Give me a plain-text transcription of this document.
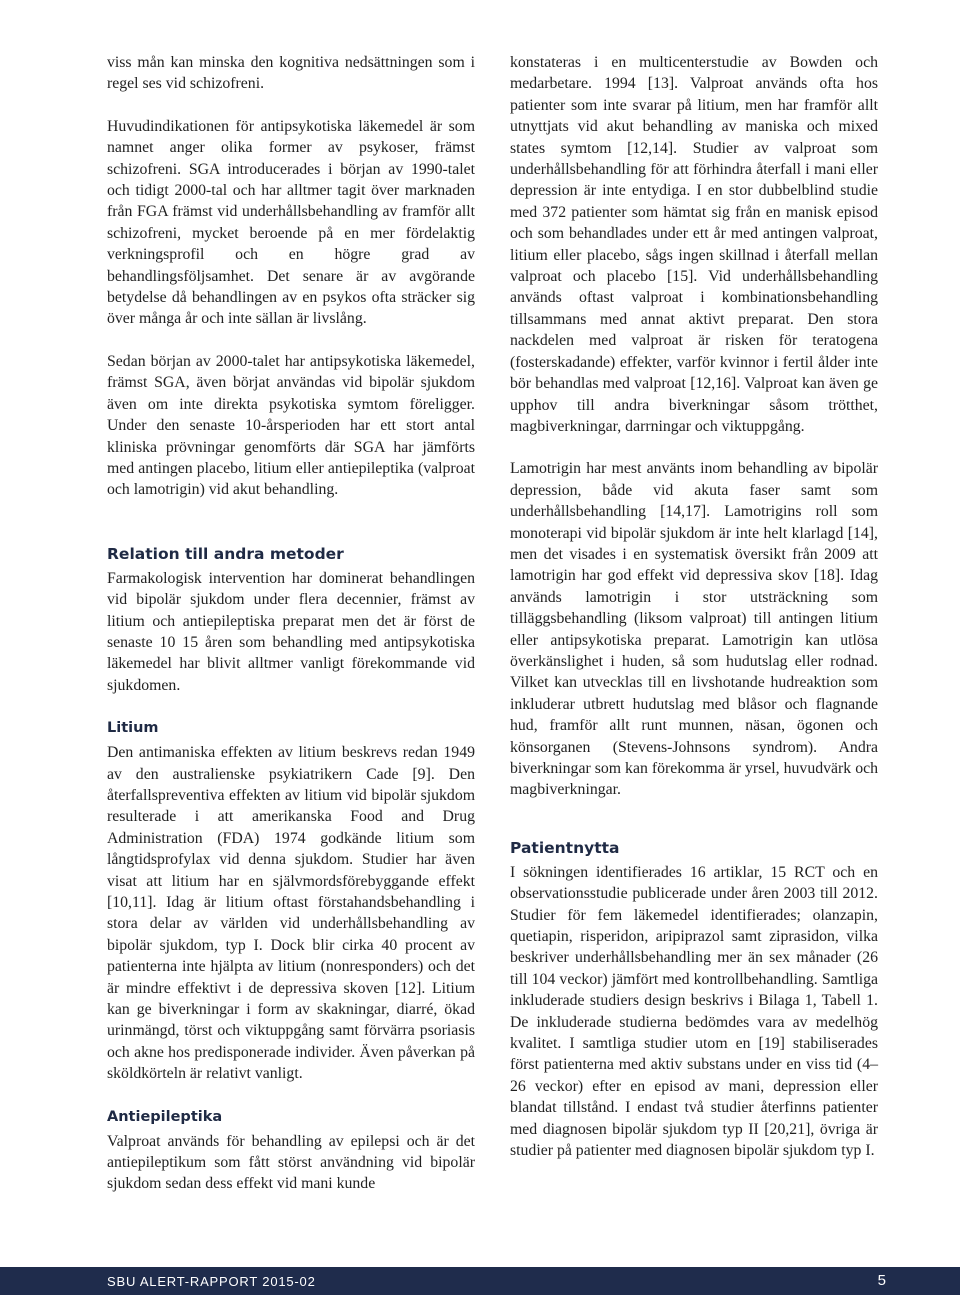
viss mån kan minska den kognitiva nedsättningen som i regel ses vid schizofreni.

Huvudindikationen för antipsykotiska läkemedel är som namnet anger olika former av psykoser, främst schizofreni. SGA introducerades i början av 1990-talet och tidigt 2000-tal och har alltmer tagit över marknaden från FGA främst vid underhållsbehandling av framför allt schizofreni, mycket beroende på en mer fördelaktig verkningsprofil och en högre grad av behandlingsföljsamhet. Det senare är av avgörande betydelse då behandlingen av en psykos ofta sträcker sig över många år och inte sällan är livslång.

Sedan början av 2000-talet har antipsykotiska läkemedel, främst SGA, även börjat användas vid bipolär sjukdom även om inte direkta psykotiska symtom föreligger. Under den senaste 10-årsperioden har ett stort antal kliniska prövningar genomförts där SGA har jämförts med antingen placebo, litium eller antiepileptika (valproat och lamotrigin) vid akut behandling.

Relation till andra metoder

Farmakologisk intervention har dominerat behandlingen vid bipolär sjukdom under flera decennier, främst av litium och antiepileptiska preparat men det är först de senaste 10 15 åren som behandling med antipsykotiska läkemedel har blivit alltmer vanligt förekommande vid sjukdomen.

Litium

Den antimaniska effekten av litium beskrevs redan 1949 av den australienske psykiatrikern Cade [9]. Den återfallspreventiva effekten av litium vid bipolär sjukdom resulterade i att amerikanska Food and Drug Administration (FDA) 1974 godkände litium som långtidsprofylax vid denna sjukdom. Studier har även visat att litium har en självmordsförebyggande effekt [10,11]. Idag är litium oftast förstahandsbehandling i stora delar av världen vid underhållsbehandling av bipolär sjukdom, typ I. Dock blir cirka 40 procent av patienterna inte hjälpta av litium (nonresponders) och det är mindre effektivt i de depressiva skoven [12]. Litium kan ge biverkningar i form av skakningar, diarré, ökad urinmängd, törst och viktuppgång samt förvärra psoriasis och akne hos predisponerade individer. Även påverkan på sköldkörteln är relativt vanligt.

Antiepileptika

Valproat används för behandling av epilepsi och är det antiepileptikum som fått störst användning vid bipolär sjukdom sedan dess effekt vid mani kunde

konstateras i en multicenterstudie av Bowden och medarbetare. 1994 [13]. Valproat används ofta hos patienter som inte svarar på litium, men har framför allt utnyttjats vid akut behandling av maniska och mixed states symtom [12,14]. Studier av valproat som underhållsbehandling för att förhindra återfall i mani eller depression är inte entydiga. I en stor dubbelblind studie med 372 patienter som hämtat sig från en manisk episod och som behandlades under ett år med antingen valproat, litium eller placebo, sågs ingen skillnad i återfall mellan valproat och placebo [15]. Vid underhållsbehandling används oftast valproat i kombinationsbehandling tillsammans med annat aktivt preparat. Den stora nackdelen med valproat är risken för teratogena (fosterskadande) effekter, varför kvinnor i fertil ålder inte bör behandlas med valproat [12,16]. Valproat kan även ge upphov till andra biverkningar såsom trötthet, magbiverkningar, darrningar och viktuppgång.

Lamotrigin har mest använts inom behandling av bipolär depression, både vid akuta faser samt som underhållsbehandling [14,17]. Lamotrigins roll som monoterapi vid bipolär sjukdom är inte helt klarlagd [14], men det visades i en systematisk översikt från 2009 att lamotrigin har god effekt vid depressiva skov [18]. Idag används lamotrigin i stor utsträckning som tilläggsbehandling (liksom valproat) till antingen litium eller antipsykotiska preparat. Lamotrigin kan utlösa överkänslighet i huden, så som hudutslag eller rodnad. Vilket kan utvecklas till en livshotande hudreaktion som inkluderar utbrett hudutslag med blåsor och flagnande hud, framför allt runt munnen, näsan, ögonen och könsorganen (Stevens-Johnsons syndrom). Andra biverkningar som kan förekomma är yrsel, huvudvärk och magbiverkningar.

Patientnytta

I sökningen identifierades 16 artiklar, 15 RCT och en observationsstudie publicerade under åren 2003 till 2012. Studier för fem läkemedel identifierades; olanzapin, quetiapin, risperidon, aripiprazol samt ziprasidon, vilka beskriver underhållsbehandling mer än sex månader (26 till 104 veckor) jämfört med kontrollbehandling. Samtliga inkluderade studiers design beskrivs i Bilaga 1, Tabell 1. De inkluderade studierna bedömdes vara av medelhög kvalitet. I samtliga studier utom en [19] stabiliserades först patienterna med aktiv substans under en viss tid (4–26 veckor) efter en episod av mani, depression eller blandat tillstånd. I endast två studier återfinns patienter med diagnosen bipolär sjukdom typ II [20,21], övriga är studier på patienter med diagnosen bipolär sjukdom typ I.

SBU ALERT-RAPPORT 2015-02	5
